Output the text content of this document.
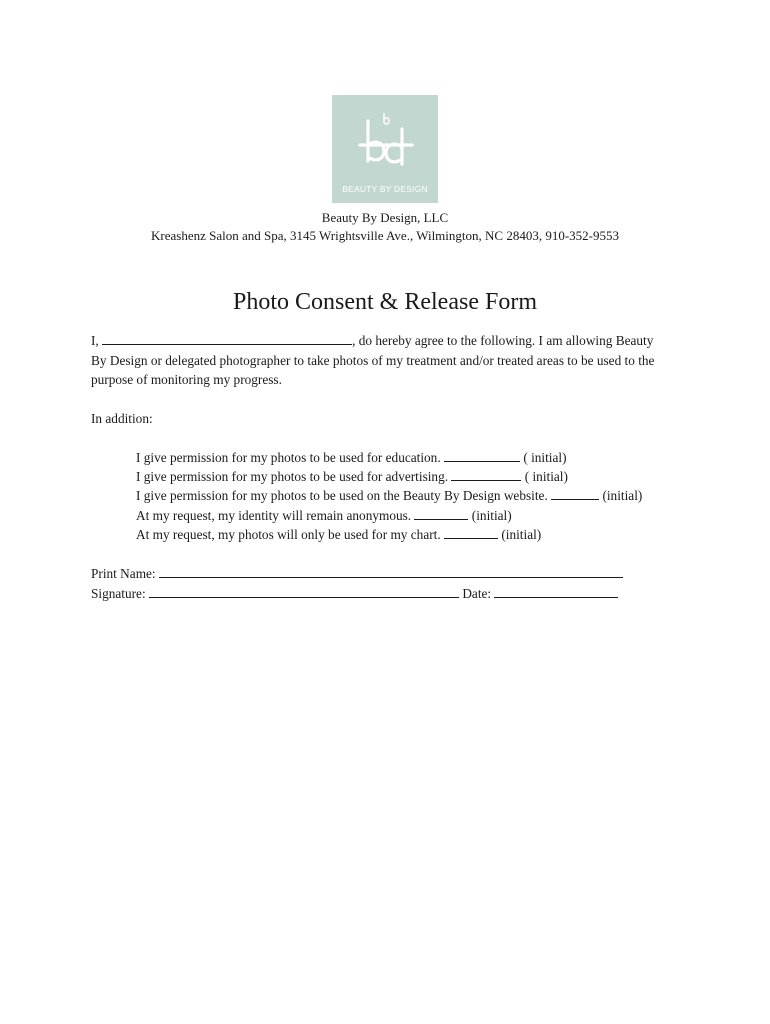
BEAUTY BY DESIGN
Beauty By Design, LLC
Kreashenz Salon and Spa, 3145 Wrightsville Ave., Wilmington, NC 28403, 910-352-9553
Photo Consent & Release Form
I,	, do hereby agree to the following. I am allowing Beauty
By Design or delegated photographer to take photos of my treatment and/or treated areas to be used to the
purpose of monitoring my progress.
In addition:
I give permission for my photos to be used for education.	( initial)
I give permission for my photos to be used for advertising.	( initial)
I give permission for my photos to be used on the Beauty By Design website.	(initial)
At my request, my identity will remain anonymous.	(initial)
At my request, my photos will only be used for my chart.	(initial)
Print Name:
Signature:	Date:
